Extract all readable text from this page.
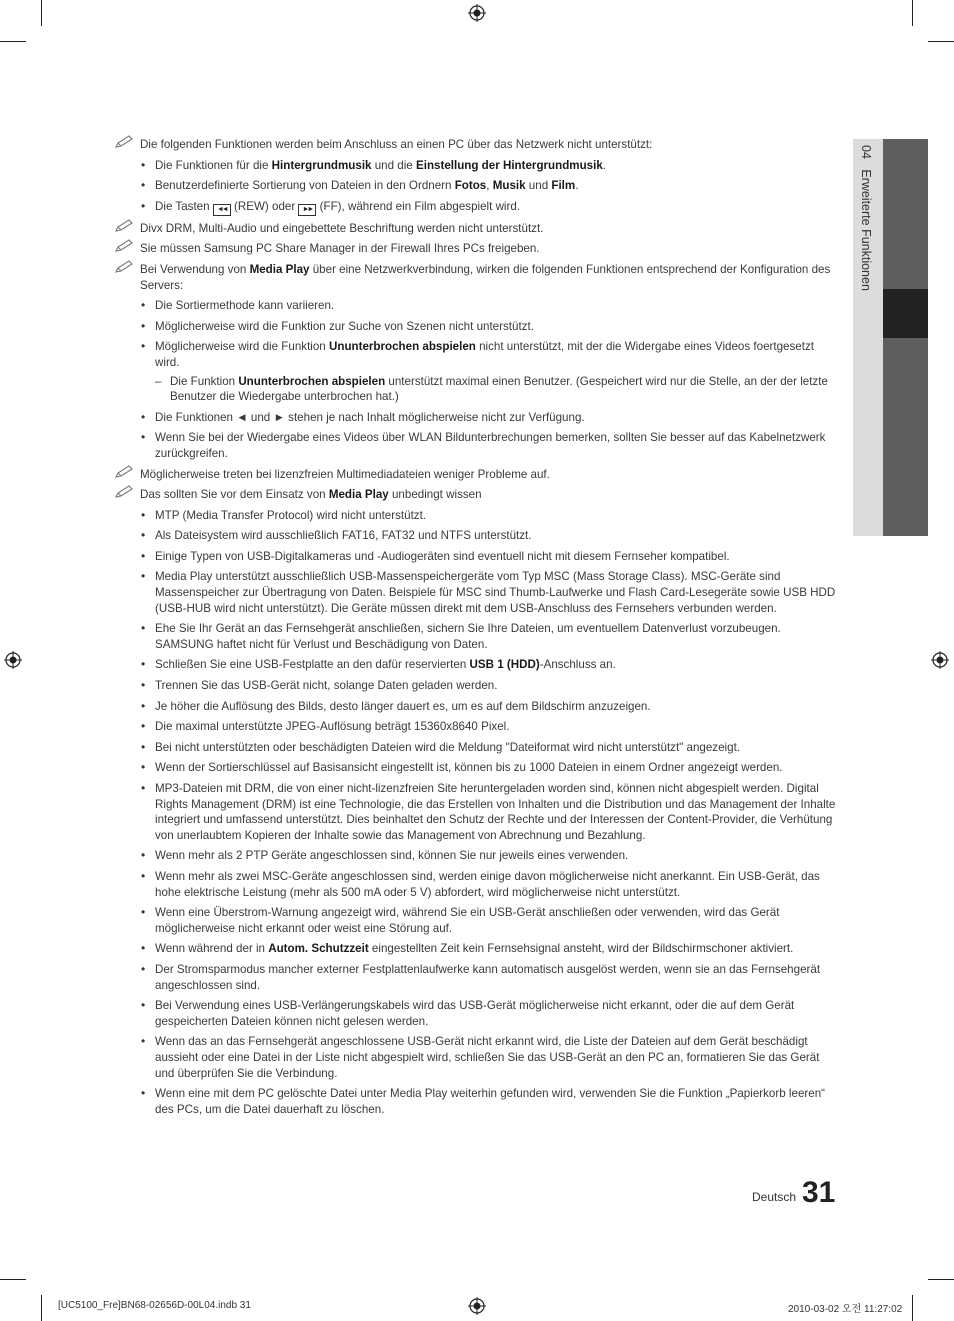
04   Erweiterte Funktionen
Die folgenden Funktionen werden beim Anschluss an einen PC über das Netzwerk nicht unterstützt:
• Die Funktionen für die Hintergrundmusik und die Einstellung der Hintergrundmusik.
• Benutzerdefinierte Sortierung von Dateien in den Ordnern Fotos, Musik und Film.
• Die Tasten ◄◄ (REW) oder ►► (FF), während ein Film abgespielt wird.
Divx DRM, Multi-Audio und eingebettete Beschriftung werden nicht unterstützt.
Sie müssen Samsung PC Share Manager in der Firewall Ihres PCs freigeben.
Bei Verwendung von Media Play über eine Netzwerkverbindung, wirken die folgenden Funktionen entsprechend der Konfiguration des Servers:
• Die Sortiermethode kann variieren.
• Möglicherweise wird die Funktion zur Suche von Szenen nicht unterstützt.
• Möglicherweise wird die Funktion Ununterbrochen abspielen nicht unterstützt, mit der die Widergabe eines Videos foertgesetzt wird.
– Die Funktion Ununterbrochen abspielen unterstützt maximal einen Benutzer. (Gespeichert wird nur die Stelle, an der der letzte Benutzer die Wiedergabe unterbrochen hat.)
• Die Funktionen ◄ und ► stehen je nach Inhalt möglicherweise nicht zur Verfügung.
• Wenn Sie bei der Wiedergabe eines Videos über WLAN Bildunterbrechungen bemerken, sollten Sie besser auf das Kabelnetzwerk zurückgreifen.
Möglicherweise treten bei lizenzfreien Multimediadateien weniger Probleme auf.
Das sollten Sie vor dem Einsatz von Media Play unbedingt wissen
• MTP (Media Transfer Protocol) wird nicht unterstützt.
• Als Dateisystem wird ausschließlich FAT16, FAT32 und NTFS unterstützt.
• Einige Typen von USB-Digitalkameras und -Audiogeräten sind eventuell nicht mit diesem Fernseher kompatibel.
• Media Play unterstützt ausschließlich USB-Massenspeichergeräte vom Typ MSC (Mass Storage Class). MSC-Geräte sind Massenspeicher zur Übertragung von Daten. Beispiele für MSC sind Thumb-Laufwerke und Flash Card-Lesegeräte sowie USB HDD (USB-HUB wird nicht unterstützt). Die Geräte müssen direkt mit dem USB-Anschluss des Fernsehers verbunden werden.
• Ehe Sie Ihr Gerät an das Fernsehgerät anschließen, sichern Sie Ihre Dateien, um eventuellem Datenverlust vorzubeugen. SAMSUNG haftet nicht für Verlust und Beschädigung von Daten.
• Schließen Sie eine USB-Festplatte an den dafür reservierten USB 1 (HDD)-Anschluss an.
• Trennen Sie das USB-Gerät nicht, solange Daten geladen werden.
• Je höher die Auflösung des Bilds, desto länger dauert es, um es auf dem Bildschirm anzuzeigen.
• Die maximal unterstützte JPEG-Auflösung beträgt 15360x8640 Pixel.
• Bei nicht unterstützten oder beschädigten Dateien wird die Meldung "Dateiformat wird nicht unterstützt" angezeigt.
• Wenn der Sortierschlüssel auf Basisansicht eingestellt ist, können bis zu 1000 Dateien in einem Ordner angezeigt werden.
• MP3-Dateien mit DRM, die von einer nicht-lizenzfreien Site heruntergeladen worden sind, können nicht abgespielt werden. Digital Rights Management (DRM) ist eine Technologie, die das Erstellen von Inhalten und die Distribution und das Management der Inhalte integriert und umfassend unterstützt. Dies beinhaltet den Schutz der Rechte und der Interessen der Content-Provider, die Verhütung von unerlaubtem Kopieren der Inhalte sowie das Management von Abrechnung und Bezahlung.
• Wenn mehr als 2 PTP Geräte angeschlossen sind, können Sie nur jeweils eines verwenden.
• Wenn mehr als zwei MSC-Geräte angeschlossen sind, werden einige davon möglicherweise nicht anerkannt. Ein USB-Gerät, das hohe elektrische Leistung (mehr als 500 mA oder 5 V) abfordert, wird möglicherweise nicht unterstützt.
• Wenn eine Überstrom-Warnung angezeigt wird, während Sie ein USB-Gerät anschließen oder verwenden, wird das Gerät möglicherweise nicht erkannt oder weist eine Störung auf.
• Wenn während der in Autom. Schutzzeit eingestellten Zeit kein Fernsehsignal ansteht, wird der Bildschirmschoner aktiviert.
• Der Stromsparmodus mancher externer Festplattenlaufwerke kann automatisch ausgelöst werden, wenn sie an das Fernsehgerät angeschlossen sind.
• Bei Verwendung eines USB-Verlängerungskabels wird das USB-Gerät möglicherweise nicht erkannt, oder die auf dem Gerät gespeicherten Dateien können nicht gelesen werden.
• Wenn das an das Fernsehgerät angeschlossene USB-Gerät nicht erkannt wird, die Liste der Dateien auf dem Gerät beschädigt aussieht oder eine Datei in der Liste nicht abgespielt wird, schließen Sie das USB-Gerät an den PC an, formatieren Sie das Gerät und überprüfen Sie die Verbindung.
• Wenn eine mit dem PC gelöschte Datei unter Media Play weiterhin gefunden wird, verwenden Sie die Funktion „Papierkorb leeren“ des PCs, um die Datei dauerhaft zu löschen.
Deutsch 31
[UC5100_Fre]BN68-02656D-00L04.indb 31	2010-03-02 오전 11:27:02
